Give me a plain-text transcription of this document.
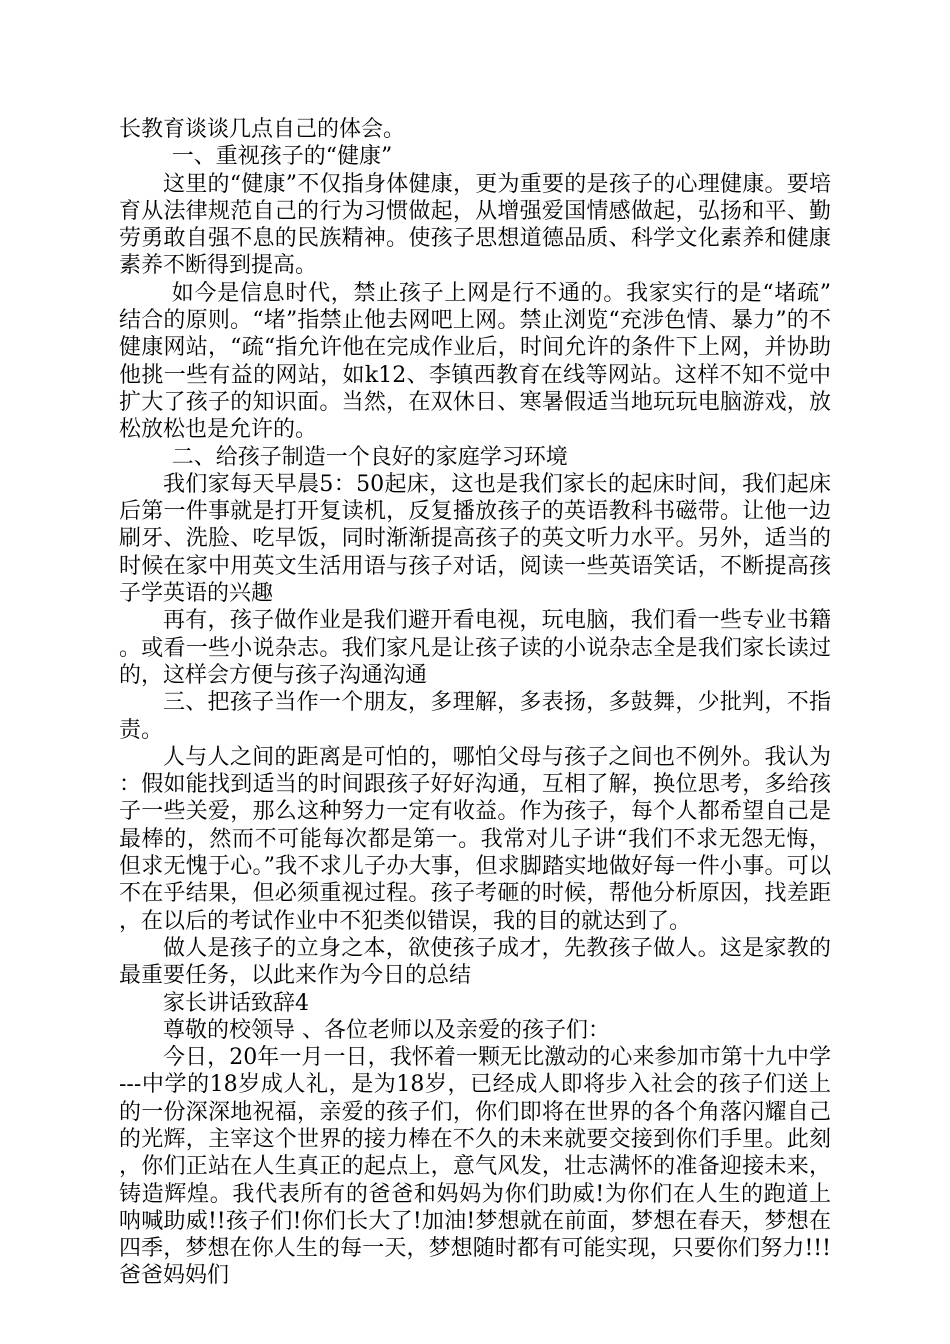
长教育谈谈几点自己的体会。

一、重视孩子的“健康”

这里的“健康”不仅指身体健康，更为重要的是孩子的心理健康。要培育从法律规范自己的行为习惯做起，从增强爱国情感做起，弘扬和平、勤劳勇敢自强不息的民族精神。使孩子思想道德品质、科学文化素养和健康素养不断得到提高。

如今是信息时代，禁止孩子上网是行不通的。我家实行的是“堵疏”结合的原则。“堵”指禁止他去网吧上网。禁止浏览“充涉色情、暴力”的不健康网站，“疏“指允许他在完成作业后，时间允许的条件下上网，并协助他挑一些有益的网站，如k12、李镇西教育在线等网站。这样不知不觉中扩大了孩子的知识面。当然，在双休日、寒暑假适当地玩玩电脑游戏，放松放松也是允许的。

二、给孩子制造一个良好的家庭学习环境

我们家每天早晨5：50起床，这也是我们家长的起床时间，我们起床后第一件事就是打开复读机，反复播放孩子的英语教科书磁带。让他一边刷牙、洗脸、吃早饭，同时渐渐提高孩子的英文听力水平。另外，适当的时候在家中用英文生活用语与孩子对话，阅读一些英语笑话，不断提高孩子学英语的兴趣

再有，孩子做作业是我们避开看电视，玩电脑，我们看一些专业书籍。或看一些小说杂志。我们家凡是让孩子读的小说杂志全是我们家长读过的，这样会方便与孩子沟通沟通

三、把孩子当作一个朋友，多理解，多表扬，多鼓舞，少批判，不指责。

人与人之间的距离是可怕的，哪怕父母与孩子之间也不例外。我认为：假如能找到适当的时间跟孩子好好沟通，互相了解，换位思考，多给孩子一些关爱，那么这种努力一定有收益。作为孩子，每个人都希望自己是最棒的，然而不可能每次都是第一。我常对儿子讲“我们不求无怨无悔，但求无愧于心。”我不求儿子办大事，但求脚踏实地做好每一件小事。可以不在乎结果，但必须重视过程。孩子考砸的时候，帮他分析原因，找差距，在以后的考试作业中不犯类似错误，我的目的就达到了。

做人是孩子的立身之本，欲使孩子成才，先教孩子做人。这是家教的最重要任务，以此来作为今日的总结

家长讲话致辞4

尊敬的校领导 、各位老师以及亲爱的孩子们：

今日，20年一月一日，我怀着一颗无比激动的心来参加市第十九中学---中学的18岁成人礼，是为18岁，已经成人即将步入社会的孩子们送上的一份深深地祝福，亲爱的孩子们，你们即将在世界的各个角落闪耀自己的光辉，主宰这个世界的接力棒在不久的未来就要交接到你们手里。此刻，你们正站在人生真正的起点上，意气风发，壮志满怀的准备迎接未来，铸造辉煌。我代表所有的爸爸和妈妈为你们助威!为你们在人生的跑道上呐喊助威!!孩子们!你们长大了!加油!梦想就在前面，梦想在春天，梦想在四季，梦想在你人生的每一天，梦想随时都有可能实现，只要你们努力!!!爸爸妈妈们
